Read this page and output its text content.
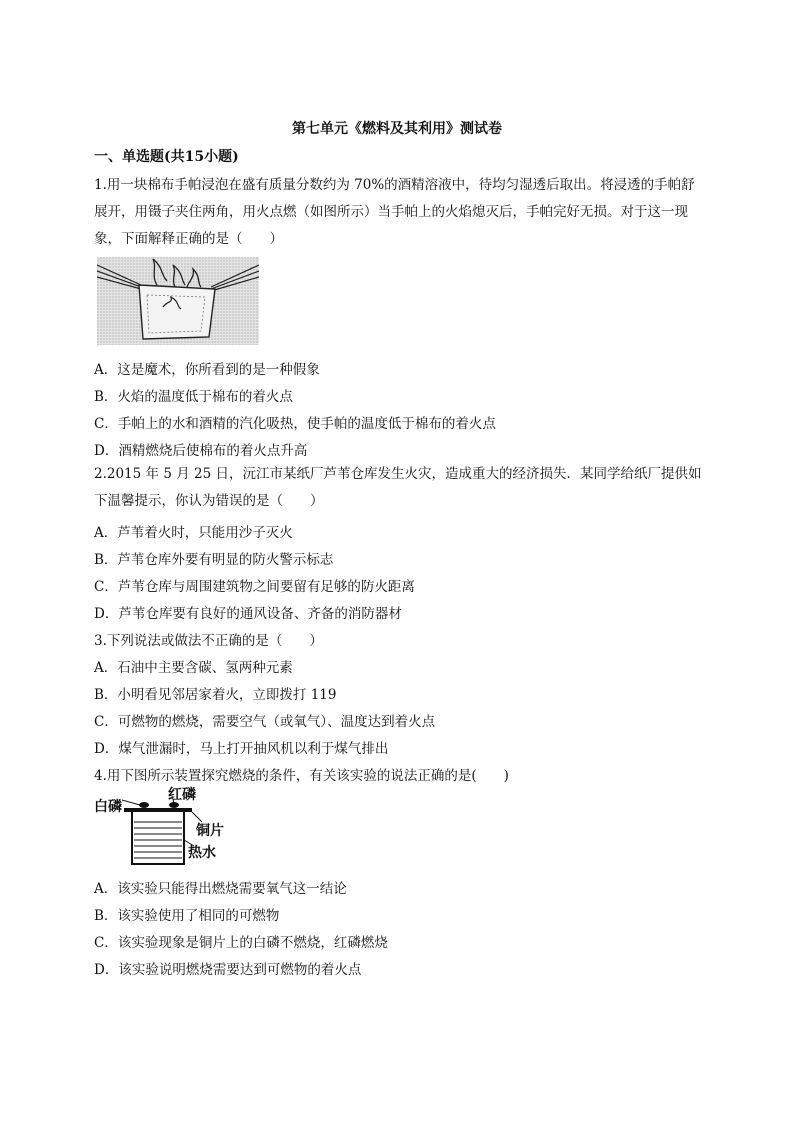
第七单元《燃料及其利用》测试卷
一、单选题(共15小题)
1.用一块棉布手帕浸泡在盛有质量分数约为 70%的酒精溶液中，待均匀湿透后取出。将浸透的手帕舒展开，用镊子夹住两角，用火点燃（如图所示）当手帕上的火焰熄灭后，手帕完好无损。对于这一现象，下面解释正确的是（　　）
A．这是魔术，你所看到的是一种假象
B．火焰的温度低于棉布的着火点
C．手帕上的水和酒精的汽化吸热，使手帕的温度低于棉布的着火点
D．酒精燃烧后使棉布的着火点升高
2.2015 年 5 月 25 日，沅江市某纸厂芦苇仓库发生火灾，造成重大的经济损失．某同学给纸厂提供如下温馨提示，你认为错误的是（　　）
A．芦苇着火时，只能用沙子灭火
B．芦苇仓库外要有明显的防火警示标志
C．芦苇仓库与周围建筑物之间要留有足够的防火距离
D．芦苇仓库要有良好的通风设备、齐备的消防器材
3.下列说法或做法不正确的是（　　）
A．石油中主要含碳、氢两种元素
B．小明看见邻居家着火，立即拨打 119
C．可燃物的燃烧，需要空气（或氧气）、温度达到着火点
D．煤气泄漏时，马上打开抽风机以利于煤气排出
4.用下图所示装置探究燃烧的条件，有关该实验的说法正确的是(　　)
白磷
红磷
铜片
热水
A．该实验只能得出燃烧需要氧气这一结论
B．该实验使用了相同的可燃物
C．该实验现象是铜片上的白磷不燃烧，红磷燃烧
D．该实验说明燃烧需要达到可燃物的着火点
